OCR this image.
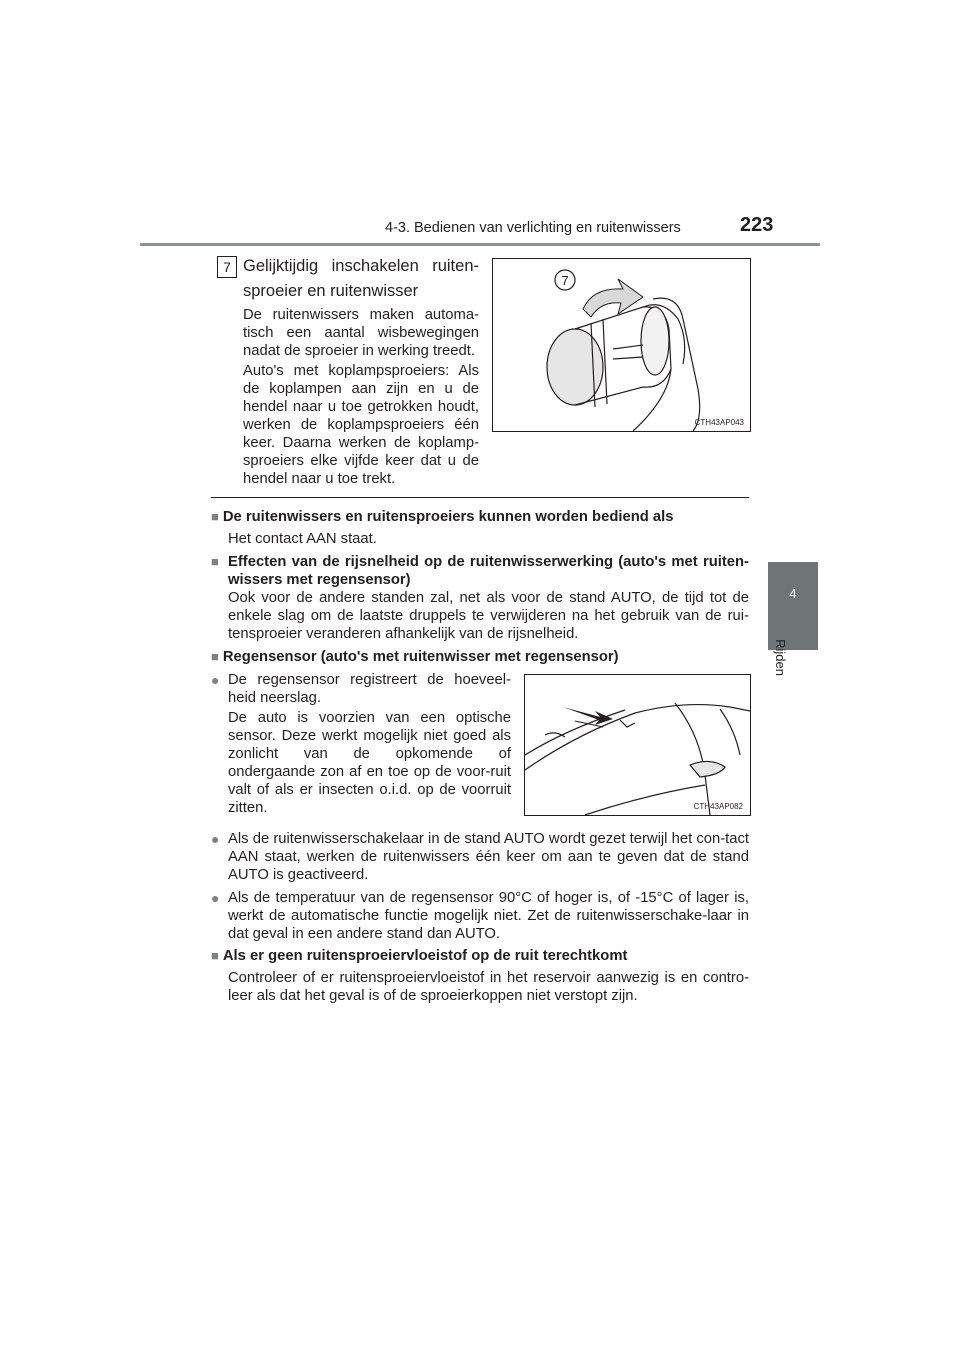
4-3. Bedienen van verlichting en ruitenwissers	223
4
Rijden
7 Gelijktijdig inschakelen ruiten-sproeier en ruitenwisser
De ruitenwissers maken automa-tisch een aantal wisbewegingen nadat de sproeier in werking treedt.
Auto's met koplampsproeiers: Als de koplampen aan zijn en u de hendel naar u toe getrokken houdt, werken de koplampsproeiers één keer. Daarna werken de koplamp-sproeiers elke vijfde keer dat u de hendel naar u toe trekt.
7
CTH43AP043
■ De ruitenwissers en ruitensproeiers kunnen worden bediend als
Het contact AAN staat.
■ Effecten van de rijsnelheid op de ruitenwisserwerking (auto's met ruiten-wissers met regensensor)
Ook voor de andere standen zal, net als voor de stand AUTO, de tijd tot de enkele slag om de laatste druppels te verwijderen na het gebruik van de rui-tensproeier veranderen afhankelijk van de rijsnelheid.
■ Regensensor (auto's met ruitenwisser met regensensor)
● De regensensor registreert de hoeveel-heid neerslag.
De auto is voorzien van een optische sensor. Deze werkt mogelijk niet goed als zonlicht van de opkomende of ondergaande zon af en toe op de voor-ruit valt of als er insecten o.i.d. op de voorruit zitten.	CTH43AP082
● Als de ruitenwisserschakelaar in de stand AUTO wordt gezet terwijl het con-tact AAN staat, werken de ruitenwissers één keer om aan te geven dat de stand AUTO is geactiveerd.
● Als de temperatuur van de regensensor 90°C of hoger is, of -15°C of lager is, werkt de automatische functie mogelijk niet. Zet de ruitenwisserschake-laar in dat geval in een andere stand dan AUTO.
■ Als er geen ruitensproeiervloeistof op de ruit terechtkomt
Controleer of er ruitensproeiervloeistof in het reservoir aanwezig is en contro-leer als dat het geval is of de sproeierkoppen niet verstopt zijn.
